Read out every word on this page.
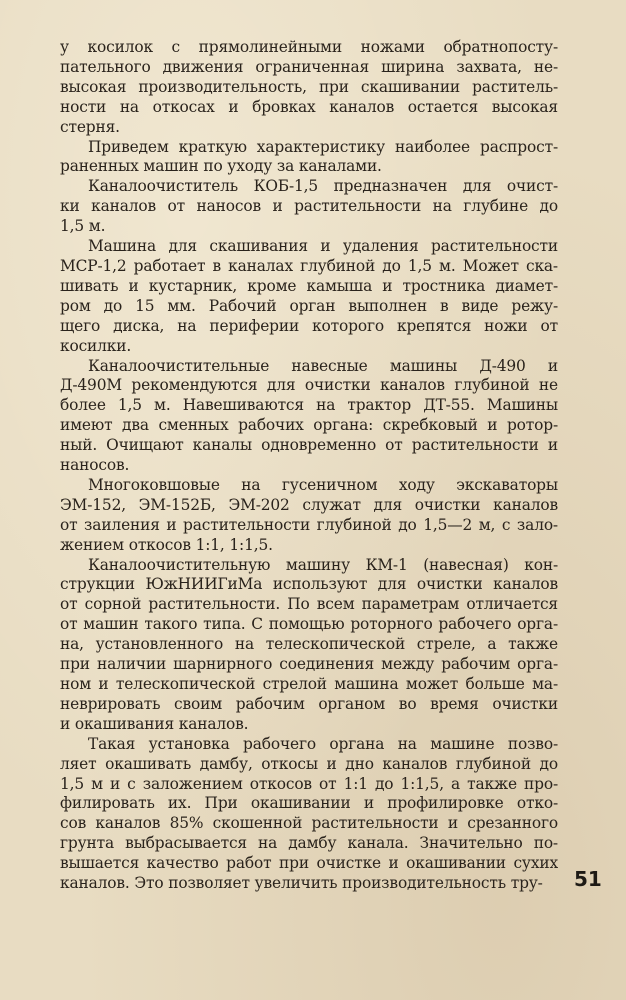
у косилок с прямолинейными ножами обратнопосту-
пательного движения ограниченная ширина захвата, не-
высокая производительность, при скашивании раститель-
ности на откосах и бровках каналов остается высокая
стерня.
Приведем краткую характеристику наиболее распрост-
раненных машин по уходу за каналами.
Каналоочиститель КОБ-1,5 предназначен для очист-
ки каналов от наносов и растительности на глубине до
1,5 м.
Машина для скашивания и удаления растительности
МСР-1,2 работает в каналах глубиной до 1,5 м. Может ска-
шивать и кустарник, кроме камыша и тростника диамет-
ром до 15 мм. Рабочий орган выполнен в виде режу-
щего диска, на периферии которого крепятся ножи от
косилки.
Каналоочистительные навесные машины Д-490 и
Д-490М рекомендуются для очистки каналов глубиной не
более 1,5 м. Навешиваются на трактор ДТ-55. Машины
имеют два сменных рабочих органа: скребковый и ротор-
ный. Очищают каналы одновременно от растительности и
наносов.
Многоковшовые на гусеничном ходу экскаваторы
ЭМ-152, ЭМ-152Б, ЭМ-202 служат для очистки каналов
от заиления и растительности глубиной до 1,5—2 м, с зало-
жением откосов 1:1, 1:1,5.
Каналоочистительную машину КМ-1 (навесная) кон-
струкции ЮжНИИГиМа используют для очистки каналов
от сорной растительности. По всем параметрам отличается
от машин такого типа. С помощью роторного рабочего орга-
на, установленного на телескопической стреле, а также
при наличии шарнирного соединения между рабочим орга-
ном и телескопической стрелой машина может больше ма-
неврировать своим рабочим органом во время очистки
и окашивания каналов.
Такая установка рабочего органа на машине позво-
ляет окашивать дамбу, откосы и дно каналов глубиной до
1,5 м и с заложением откосов от 1:1 до 1:1,5, а также про-
филировать их. При окашивании и профилировке отко-
сов каналов 85% скошенной растительности и срезанного
грунта выбрасывается на дамбу канала. Значительно по-
вышается качество работ при очистке и окашивании сухих
каналов. Это позволяет увеличить производительность тру-	51
